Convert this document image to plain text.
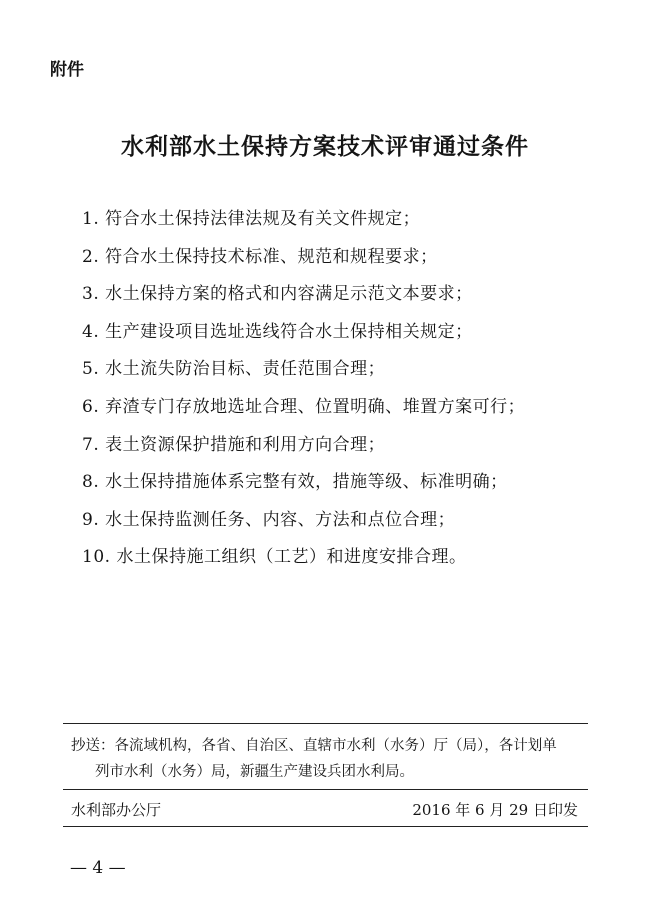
附件
水利部水土保持方案技术评审通过条件
1. 符合水土保持法律法规及有关文件规定；
2. 符合水土保持技术标准、规范和规程要求；
3. 水土保持方案的格式和内容满足示范文本要求；
4. 生产建设项目选址选线符合水土保持相关规定；
5. 水土流失防治目标、责任范围合理；
6. 弃渣专门存放地选址合理、位置明确、堆置方案可行；
7. 表土资源保护措施和利用方向合理；
8. 水土保持措施体系完整有效，措施等级、标准明确；
9. 水土保持监测任务、内容、方法和点位合理；
10. 水土保持施工组织（工艺）和进度安排合理。
抄送：各流域机构，各省、自治区、直辖市水利（水务）厅（局），各计划单
列市水利（水务）局，新疆生产建设兵团水利局。
水利部办公厅	2016 年 6 月 29 日印发
— 4 —
